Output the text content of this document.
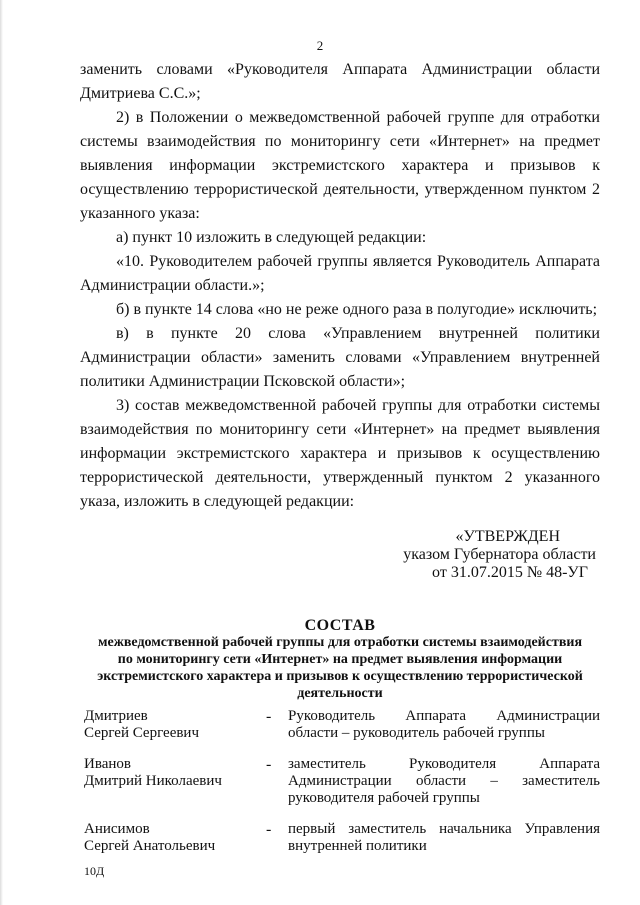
2

заменить словами «Руководителя Аппарата Администрации области Дмитриева С.С.»;

2) в Положении о межведомственной рабочей группе для отработки системы взаимодействия по мониторингу сети «Интернет» на предмет выявления информации экстремистского характера и призывов к осуществлению террористической деятельности, утвержденном пунктом 2 указанного указа:

а) пункт 10 изложить в следующей редакции:

«10. Руководителем рабочей группы является Руководитель Аппарата Администрации области.»;

б) в пункте 14 слова «но не реже одного раза в полугодие» исключить;

в) в пункте 20 слова «Управлением внутренней политики Администрации области» заменить словами «Управлением внутренней политики Администрации Псковской области»;

3) состав межведомственной рабочей группы для отработки системы взаимодействия по мониторингу сети «Интернет» на предмет выявления информации экстремистского характера и призывов к осуществлению террористической деятельности, утвержденный пунктом 2 указанного указа, изложить в следующей редакции:

«УТВЕРЖДЕН
указом Губернатора области
от 31.07.2015 № 48-УГ
СОСТАВ
межведомственной рабочей группы для отработки системы взаимодействия по мониторингу сети «Интернет» на предмет выявления информации экстремистского характера и призывов к осуществлению террористической деятельности
Дмитриев
Сергей Сергеевич
-	Руководитель Аппарата Администрации области – руководитель рабочей группы
Иванов
Дмитрий Николаевич
-	заместитель Руководителя Аппарата Администрации области – заместитель руководителя рабочей группы
Анисимов
Сергей Анатольевич
-	первый заместитель начальника Управления внутренней политики
10Д
